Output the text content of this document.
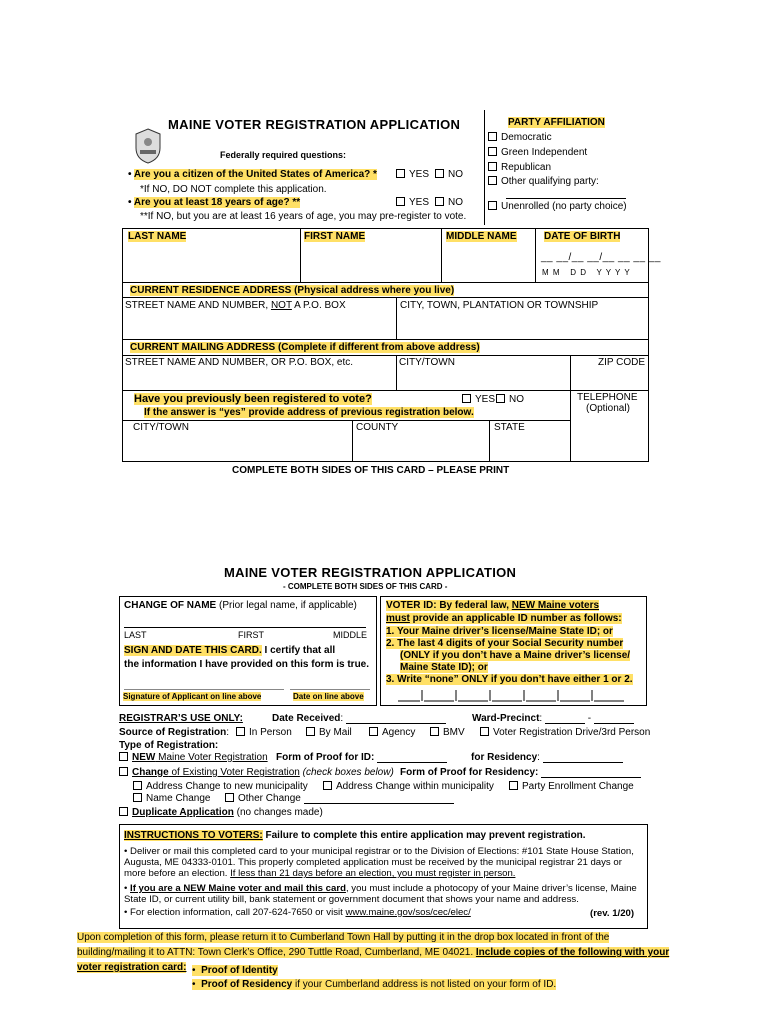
MAINE VOTER REGISTRATION APPLICATION
Federally required questions:
• Are you a citizen of the United States of America? *	YES	NO
*If NO, DO NOT complete this application.
• Are you at least 18 years of age? **	YES	NO
**If NO, but you are at least 16 years of age, you may pre-register to vote.
PARTY AFFILIATION
Democratic
Green Independent
Republican
Other qualifying party:
Unenrolled (no party choice)
LAST NAME	FIRST NAME	MIDDLE NAME	DATE OF BIRTH
__ __/__ __/__ __ __ __
M M   D D   Y Y Y Y
CURRENT RESIDENCE ADDRESS (Physical address where you live)
STREET NAME AND NUMBER, NOT A P.O. BOX	CITY, TOWN, PLANTATION OR TOWNSHIP
CURRENT MAILING ADDRESS (Complete if different from above address)
STREET NAME AND NUMBER, OR P.O. BOX, etc.	CITY/TOWN	ZIP CODE
Have you previously been registered to vote?	YES	NO
If the answer is “yes” provide address of previous registration below.
TELEPHONE
(Optional)
CITY/TOWN	COUNTY	STATE
COMPLETE BOTH SIDES OF THIS CARD – PLEASE PRINT
MAINE VOTER REGISTRATION APPLICATION
- COMPLETE BOTH SIDES OF THIS CARD -
CHANGE OF NAME (Prior legal name, if applicable)
LAST	FIRST	MIDDLE
SIGN AND DATE THIS CARD. I certify that all
the information I have provided on this form is true.
Signature of Applicant on line above	Date on line above
VOTER ID: By federal law, NEW Maine voters
must provide an applicable ID number as follows:
1. Your Maine driver’s license/Maine State ID; or
2. The last 4 digits of your Social Security number
(ONLY if you don’t have a Maine driver’s license/
Maine State ID); or
3. Write “none” ONLY if you don’t have either 1 or 2.
REGISTRAR’S USE ONLY:	Date Received:	Ward-Precinct:	-
Source of Registration:	In Person	By Mail	Agency	BMV	Voter Registration Drive/3rd Person
Type of Registration:
NEW Maine Voter Registration Form of Proof for ID:	for Residency:
Change of Existing Voter Registration (check boxes below) Form of Proof for Residency:
Address Change to new municipality	Address Change within municipality	Party Enrollment Change
Name Change	Other Change
Duplicate Application (no changes made)
INSTRUCTIONS TO VOTERS: Failure to complete this entire application may prevent registration.
• Deliver or mail this completed card to your municipal registrar or to the Division of Elections: #101 State House Station, Augusta, ME 04333-0101. This properly completed application must be received by the municipal registrar 21 days or more before an election. If less than 21 days before an election, you must register in person.
• If you are a NEW Maine voter and mail this card, you must include a photocopy of your Maine driver’s license, Maine State ID, or current utility bill, bank statement or government document that shows your name and address.
• For election information, call 207-624-7650 or visit www.maine.gov/sos/cec/elec/	(rev. 1/20)
Upon completion of this form, please return it to Cumberland Town Hall by putting it in the drop box located in front of the
building/mailing it to ATTN: Town Clerk’s Office, 290 Tuttle Road, Cumberland, ME 04021. Include copies of the following with your
voter registration card: •  Proof of Identity
•  Proof of Residency if your Cumberland address is not listed on your form of ID.
